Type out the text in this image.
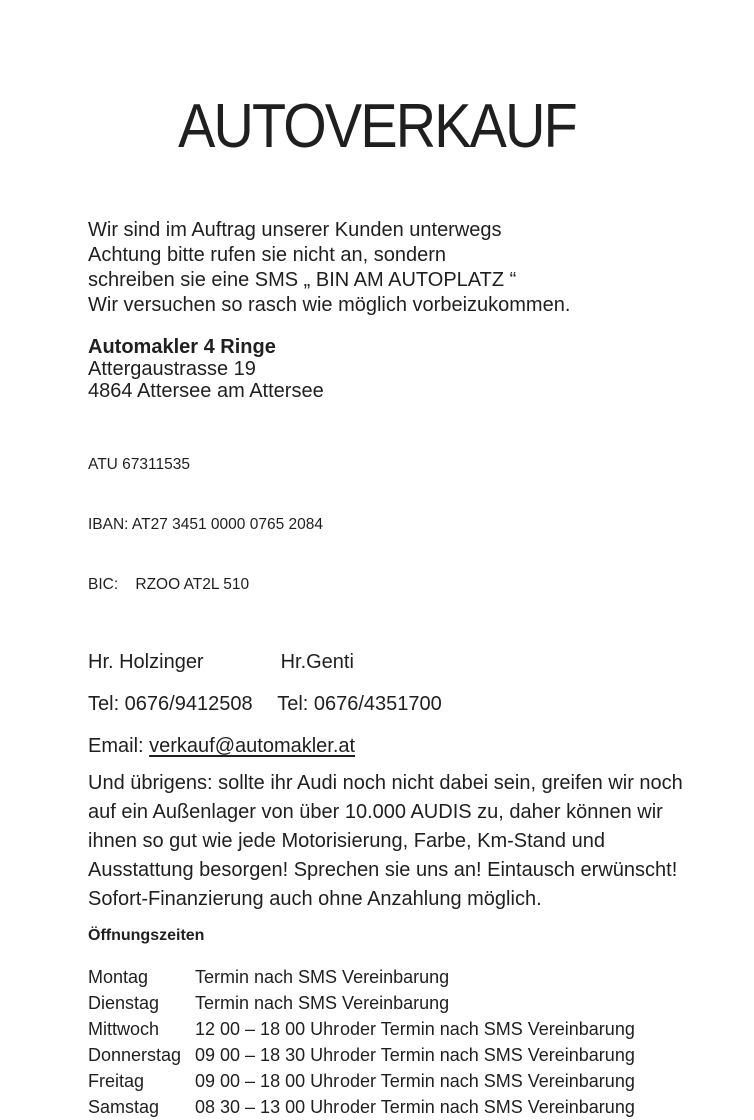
AUTOVERKAUF
Wir sind im Auftrag unserer Kunden unterwegs
Achtung bitte rufen sie nicht an, sondern
schreiben sie eine SMS „ BIN AM AUTOPLATZ “
Wir versuchen so rasch wie möglich vorbeizukommen.
Automakler 4 Ringe
Attergaustrasse 19
4864 Attersee am Attersee

ATU 67311535

IBAN: AT27 3451 0000 0765 2084

BIC:    RZOO AT2L 510

Hr. Holzinger	Hr.Genti
Tel: 0676/9412508 Tel: 0676/4351700
Email: verkauf@automakler.at
Und übrigens: sollte ihr Audi noch nicht dabei sein, greifen wir noch
auf ein Außenlager von über 10.000 AUDIS zu, daher können wir
ihnen so gut wie jede Motorisierung, Farbe, Km-Stand und
Ausstattung besorgen! Sprechen sie uns an! Eintausch erwünscht!
Sofort-Finanzierung auch ohne Anzahlung möglich.
Öffnungszeiten
Montag	Termin nach SMS Vereinbarung
Dienstag Termin nach SMS Vereinbarung
Mittwoch 12 00 – 18 00 Uhroder Termin nach SMS Vereinbarung
Donnerstag 09 00 – 18 30 Uhroder Termin nach SMS Vereinbarung
Freitag	09 00 – 18 00 Uhroder Termin nach SMS Vereinbarung
Samstag 08 30 – 13 00 Uhroder Termin nach SMS Vereinbarung
